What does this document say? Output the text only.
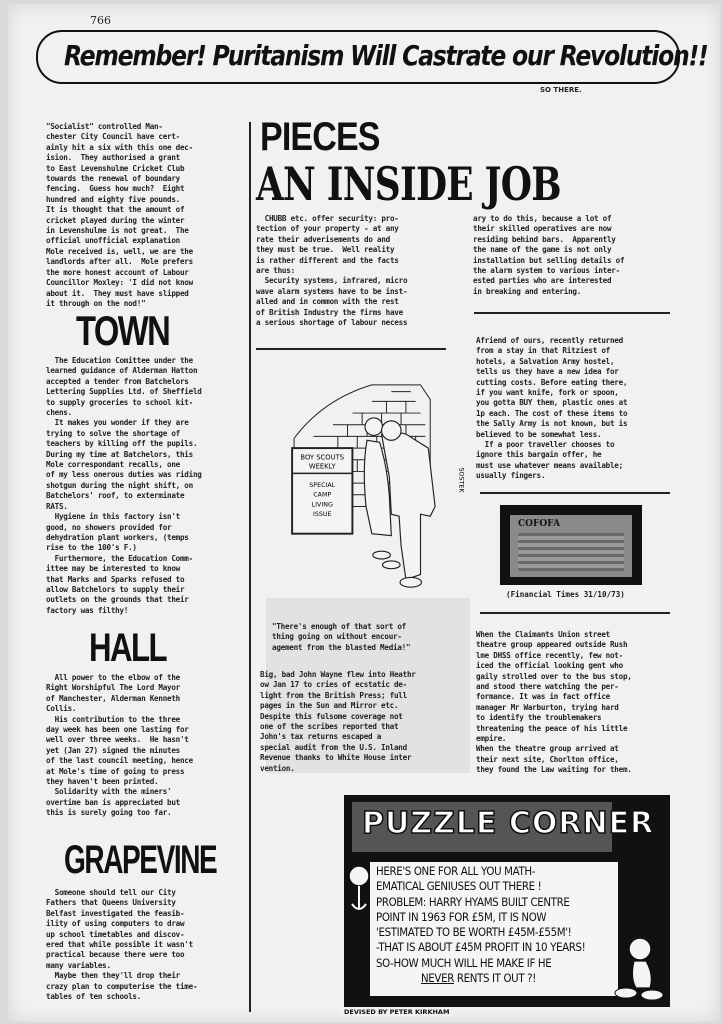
766
Remember! Puritanism Will Castrate our Revolution!!
SO THERE.
"Socialist" controlled Man-
chester City Council have cert-
ainly hit a six with this one dec-
ision.  They authorised a grant
to East Levenshulme Cricket Club
towards the renewal of boundary
fencing.  Guess how much?  Eight
hundred and eighty five pounds.
It is thought that the amount of
cricket played during the winter
in Levenshulme is not great.  The
official unofficial explanation
Mole received is, well, we are the
landlords after all.  Mole prefers
the more honest account of Labour
Councillor Moxley: 'I did not know
about it.  They must have slipped
it through on the nod!"
TOWN
The Education Comittee under the
learned guidance of Alderman Hatton
accepted a tender from Batchelors
Lettering Supplies Ltd. of Sheffield
to supply groceries to school kit-
chens.
It makes you wonder if they are
trying to solve the shortage of
teachers by killing off the pupils.
During my time at Batchelors, this
Mole correspondant recalls, one
of my less onerous duties was riding
shotgun during the night shift, on
Batchelors' roof, to exterminate
RATS.
Hygiene in this factory isn't
good, no showers provided for
dehydration plant workers, (temps
rise to the 100's F.)
Furthermore, the Education Comm-
ittee may be interested to know
that Marks and Sparks refused to
allow Batchelors to supply their
outlets on the grounds that their
factory was filthy!
HALL
All power to the elbow of the
Right Worshipful The Lord Mayor
of Manchester, Alderman Kenneth
Collis.
His contribution to the three
day week has been one lasting for
well over three weeks.  He hasn't
yet (Jan 27) signed the minutes
of the last council meeting, hence
at Mole's time of going to press
they haven't been printed.
Solidarity with the miners'
overtime ban is appreciated but
this is surely going too far.
GRAPEVINE
Someone should tell our City
Fathers that Queens University
Belfast investigated the feasib-
ility of using computers to draw
up school timetables and discov-
ered that while possible it wasn't
practical because there were too
many variables.
Maybe then they'll drop their
crazy plan to computerise the time-
tables of ten schools.
PIECES
AN INSIDE JOB
CHUBB etc. offer security: pro-
tection of your property - at any
rate their adverisements do and
they must be true.  Well reality
is rather different and the facts
are thus:
Security systems, infrared, micro
wave alarm systems have to be inst-
alled and in common with the rest
of British Industry the firms have
a serious shortage of labour necess
ary to do this, because a lot of
their skilled operatives are now
residing behind bars.  Apparently
the name of the game is not only
installation but selling details of
the alarm system to various inter-
ested parties who are interested
in breaking and entering.
Afriend of ours, recently returned
from a stay in that Ritziest of
hotels, a Salvation Army hostel,
tells us they have a new idea for
cutting costs. Before eating there,
if you want knife, fork or spoon,
you gotta BUY them, plastic ones at
1p each. The cost of these items to
the Sally Army is not known, but is
believed to be somewhat less.
If a poor traveller chooses to
ignore this bargain offer, he
must use whatever means available;
usually fingers.
BOY SCOUTS
WEEKLY
SPECIAL
CAMP
LIVING
ISSUE
SOSTEK
"There's enough of that sort of
thing going on without encour-
agement from the blasted Media!"
Big, bad John Wayne flew into Heathr
ow Jan 17 to cries of ecstatic de-
light from the British Press; full
pages in the Sun and Mirror etc.
Despite this fulsome coverage not
one of the scribes reported that
John's tax returns escaped a
special audit from the U.S. Inland
Revenue thanks to White House inter
vention.
COFOFA
(Financial Times 31/10/73)
When the Claimants Union street
theatre group appeared outside Rush
lme DHSS office recently, few not-
iced the official looking gent who
gaily strolled over to the bus stop,
and stood there watching the per-
formance. It was in fact office
manager Mr Warburton, trying hard
to identify the troublemakers
threatening the peace of his little
empire.
When the theatre group arrived at
their next site, Chorlton office,
they found the Law waiting for them.
PUZZLE CORNER
HERE'S ONE FOR ALL YOU MATH-
EMATICAL GENIUSES OUT THERE !
PROBLEM: HARRY HYAMS BUILT CENTRE
POINT IN 1963 FOR £5M, IT IS NOW
'ESTIMATED TO BE WORTH £45M-£55M'!
-THAT IS ABOUT £45M PROFIT IN 10 YEARS!
SO-HOW MUCH WILL HE MAKE IF HE
NEVER RENTS IT OUT ?!
DEVISED BY PETER KIRKHAM
